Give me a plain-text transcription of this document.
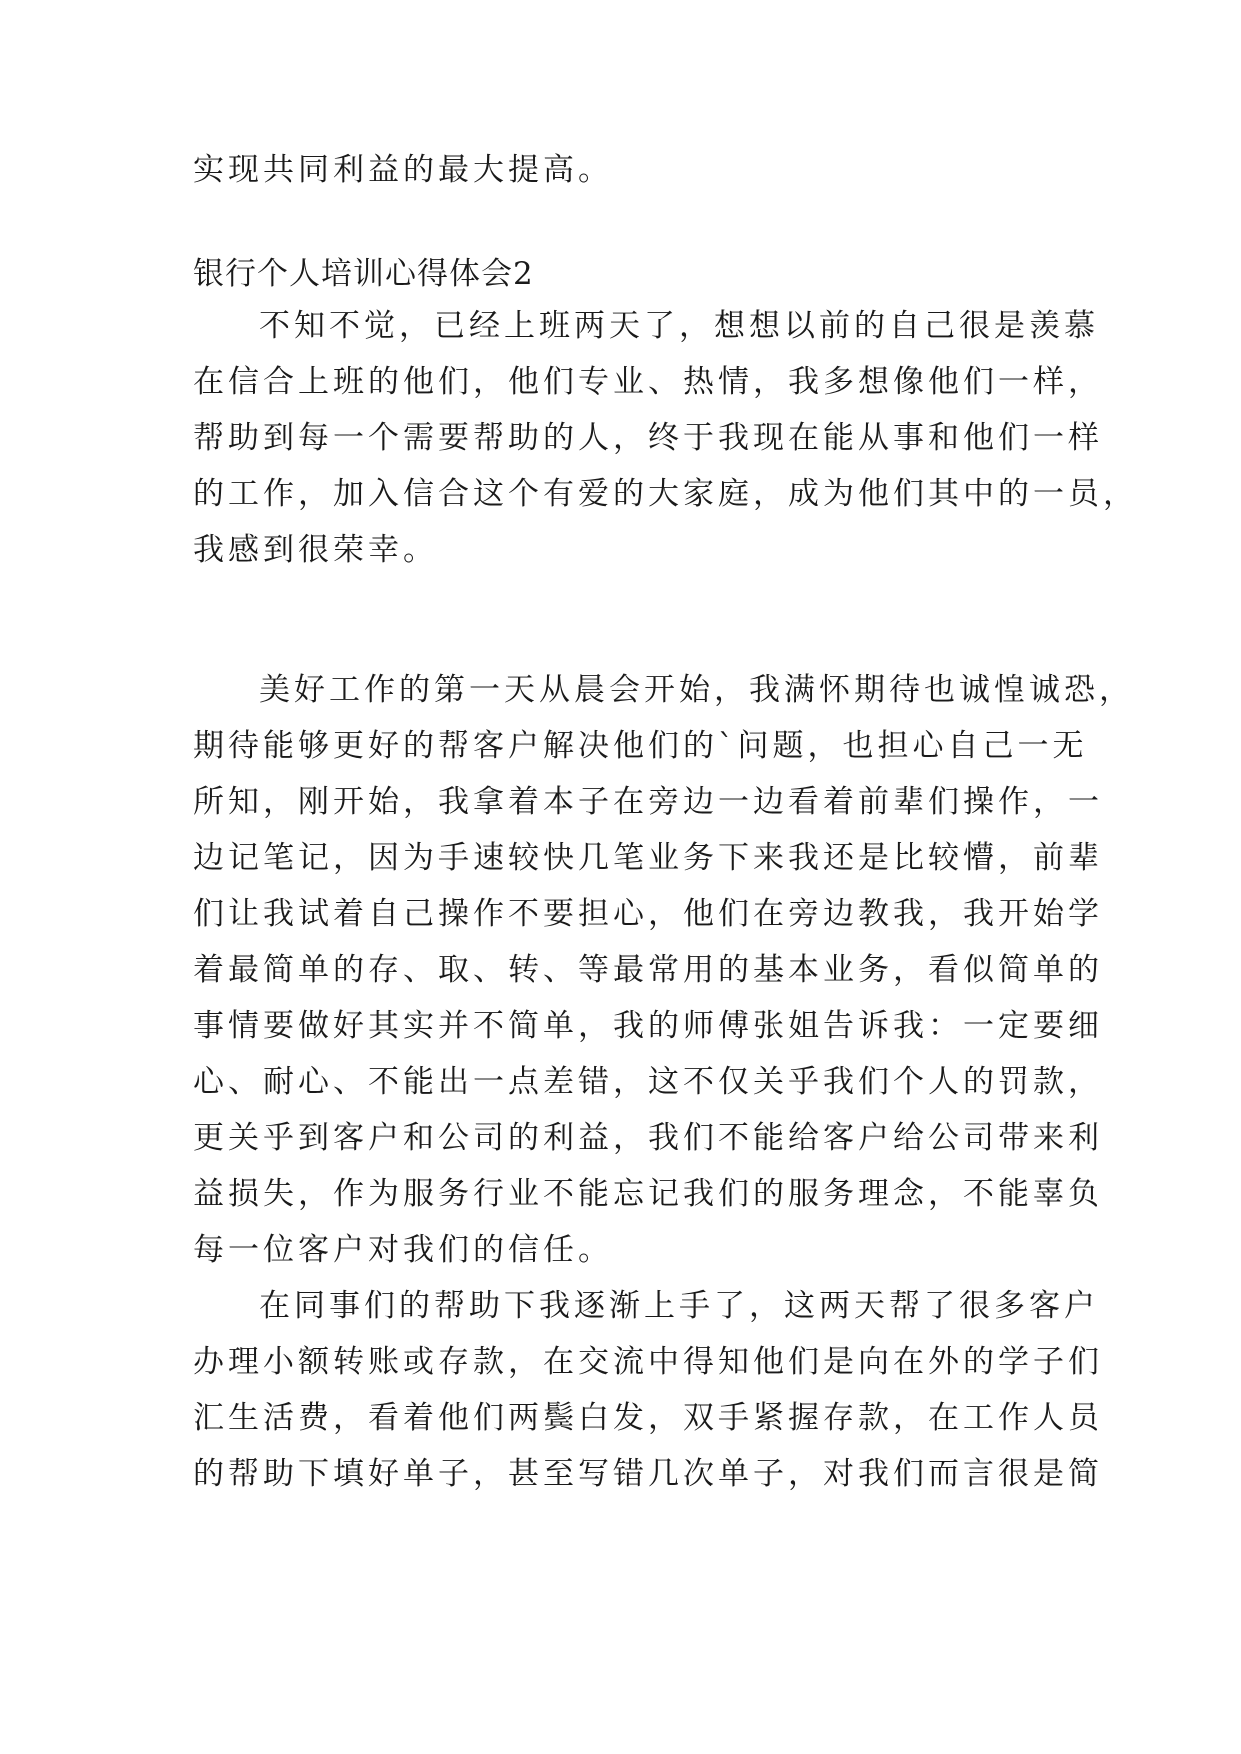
实现共同利益的最大提高。
银行个人培训心得体会2
不知不觉，已经上班两天了，想想以前的自己很是羡慕
在信合上班的他们，他们专业、热情，我多想像他们一样，
帮助到每一个需要帮助的人，终于我现在能从事和他们一样
的工作，加入信合这个有爱的大家庭，成为他们其中的一员，
我感到很荣幸。
美好工作的第一天从晨会开始，我满怀期待也诚惶诚恐，
期待能够更好的帮客户解决他们的`问题，也担心自己一无
所知，刚开始，我拿着本子在旁边一边看着前辈们操作，一
边记笔记，因为手速较快几笔业务下来我还是比较懵，前辈
们让我试着自己操作不要担心，他们在旁边教我，我开始学
着最简单的存、取、转、等最常用的基本业务，看似简单的
事情要做好其实并不简单，我的师傅张姐告诉我：一定要细
心、耐心、不能出一点差错，这不仅关乎我们个人的罚款，
更关乎到客户和公司的利益，我们不能给客户给公司带来利
益损失，作为服务行业不能忘记我们的服务理念，不能辜负
每一位客户对我们的信任。
在同事们的帮助下我逐渐上手了，这两天帮了很多客户
办理小额转账或存款，在交流中得知他们是向在外的学子们
汇生活费，看着他们两鬓白发，双手紧握存款，在工作人员
的帮助下填好单子，甚至写错几次单子，对我们而言很是简
